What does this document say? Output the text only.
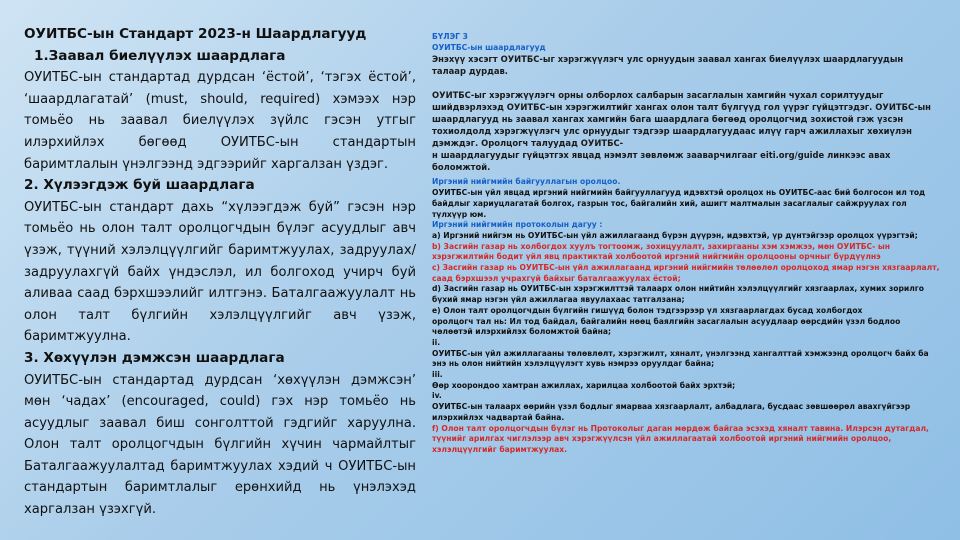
ОУИТБС-ын Стандарт 2023-н Шаардлагууд
1.Заавал биелүүлэх шаардлага

ОУИТБС-ын стандартад дурдсан ‘ёстой’, ‘тэгэх ёстой’, ‘шаардлагатай’ (must, should, required) хэмээх нэр томьёо нь заавал биелүүлэх зүйлс гэсэн утгыг илэрхийлэх бөгөөд ОУИТБС-ын стандартын баримтлалын үнэлгээнд эдгээрийг харгалзан үздэг.

2. Хүлээгдэж буй шаардлага

ОУИТБС-ын стандарт дахь “хүлээгдэж буй” гэсэн нэр томьёо нь олон талт оролцогчдын бүлэг асуудлыг авч үзэж, түүний хэлэлцүүлгийг баримтжуулах, задруулах/ задруулахгүй байх үндэслэл, ил болгоход учирч буй аливаа саад бэрхшээлийг илтгэнэ. Баталгаажуулалт нь олон талт бүлгийн хэлэлцүүлгийг авч үзэж, баримтжуулна.

3. Хөхүүлэн дэмжсэн шаардлага

ОУИТБС-ын стандартад дурдсан ‘хөхүүлэн дэмжсэн’ мөн ‘чадах’ (encouraged, could) гэх нэр томьёо нь асуудлыг заавал биш сонголттой гэдгийг харуулна. Олон талт оролцогчдын бүлгийн хүчин чармайлтыг Баталгаажуулалтад баримтжуулах хэдий ч ОУИТБС-ын стандартын баримтлалыг ерөнхийд нь үнэлэхэд харгалзан үзэхгүй.

БҮЛЭГ 3
ОУИТБС-ын шаардлагууд

Энэхүү хэсэгт ОУИТБС-ыг хэрэгжүүлэгч улс орнуудын заавал хангах биелүүлэх шаардлагуудын талаар дурдав.

ОУИТБС-ыг хэрэгжүүлэгч орны олборлох салбарын засаглалын хамгийн чухал сорилтуудыг шийдвэрлэхэд ОУИТБС-ын хэрэгжилтийг хангах олон талт бүлгүүд гол үүрэг гүйцэтгэдэг. ОУИТБС-ын шаардлагууд нь заавал хангах хамгийн бага шаардлага бөгөөд оролцогчид зохистой гэж үзсэн тохиолдолд хэрэгжүүлэгч улс орнуудыг тэдгээр шаардлагуудаас илүү гарч ажиллахыг хөхиүлэн дэмждэг. Оролцогч талуудад ОУИТБС-

н шаардлагуудыг гүйцэтгэх явцад нэмэлт зөвлөмж зааварчилгааг eiti.org/guide линкээс авах боломжтой.

Иргэний нийгмийн байгууллагын оролцоо.
ОУИТБС-ын үйл явцад иргэний нийгмийн байгууллагууд идэвхтэй оролцох нь ОУИТБС-аас бий болгосон ил тод байдлыг хариуцлагатай болгох, газрын тос, байгалийн хий, ашигт малтмалын засаглалыг сайжруулах гол түлхүүр юм.
Иргэний нийгмийн протоколын дагуу :
а) Иргэний нийгэм нь ОУИТБС-ын үйл ажиллагаанд бүрэн дүүрэн, идэвхтэй, үр дүнтэйгээр оролцох үүрэгтэй;
b) Засгийн газар нь холбогдох хуулъ тогтоомж, зохицуулалт, захиргааны хэм хэмжээ, мөн ОУИТБС- ын хэрэгжилтийн бодит үйл явц практиктай холбоотой иргэний нийгмийн оролцооны орчныг бүрдүүлнэ
c) Засгийн газар нь ОУИТБС-ын үйл ажиллагаанд иргэний нийгмийн төлөөлөл оролцоход ямар нэгэн хязгаарлалт, саад бэрхшээл учрахгүй байхыг баталгаажуулах ёстой;
d) Засгийн газар нь ОУИТБС-ын хэрэгжилттэй талаарх олон нийтийн хэлэлцүүлгийг хязгаарлах, хумих зорилго бүхий ямар нэгэн үйл ажиллагаа явуулахаас татгалзана;
е) Олон талт оролцогчдын бүлгийн гишүүд болон тэдгээрээр үл хязгаарлагдах бусад холбогдох
оролцогч тал нь: Ил тод байдал, байгалийн нөөц баялгийн засаглалын асуудлаар өөрсдийн үзэл бодлоо чөлөөтэй илэрхийлэх боломжтой байна;
ii.
ОУИТБС-ын үйл ажиллагааны төлөвлөлт, хэрэгжилт, хяналт, үнэлгээнд хангалттай хэмжээнд оролцогч байх ба энэ нь олон нийтийн хэлэлцүүлэгт хувь нэмрээ оруулдаг байна;
iii.
Өөр хоорондоо хамтран ажиллах, харилцаа холбоотой байх эрхтэй;
iv.
ОУИТБС-ын талаарх өөрийн үзэл бодлыг ямарваа хязгаарлалт, албадлага, бусдаас зөвшөөрөл авахгүйгээр илэрхийлэх чадвартай байна.
f) Олон талт оролцогчдын бүлэг нь Протоколыг даган мөрдөж байгаа эсэхэд хяналт тавина. Илэрсэн дутагдал, түүнийг арилгах чиглэлээр авч хэрэгжүүлсэн үйл ажиллагаатай холбоотой иргэний нийгмийн оролцоо, хэлэлцүүлгийг баримтжуулах.
